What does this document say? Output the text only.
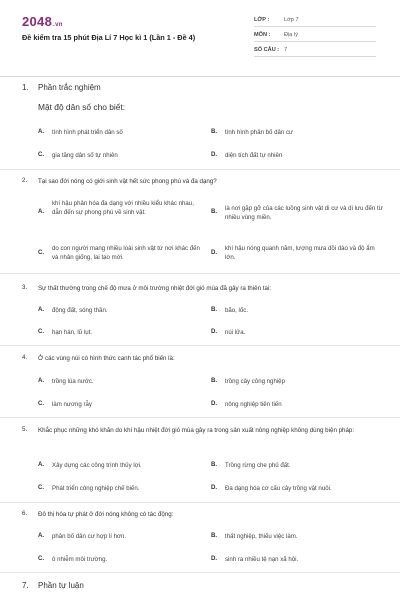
2048.vn
Đề kiểm tra 15 phút Địa Lí 7 Học kì 1 (Lần 1 - Đề 4)
LỚP :	Lớp 7
MÔN : Địa lý
SỐ CÂU : 7
1. Phần trắc nghiệm
Mật độ dân số cho biết:
A. tình hình phát triển dân số	B. tình hình phân bố dân cư
C. gia tăng dân số tự nhiên	D. diện tích đất tự nhiên
2. Tại sao đới nóng có giới sinh vật hết sức phong phú và đa dạng?
A.
khí hậu phân hóa đa dạng với nhiều kiểu khác nhau, dẫn đến sự phong phú về sinh vật.	B. là nơi gặp gỡ của các luồng sinh vật di cư và di lưu đến từ nhiều vùng miền.
C.
do con người mang nhiều loài sinh vật từ nơi khác đến và nhân giống, lai tạo mới.
D.
khí hậu nóng quanh năm, lượng mưa dồi dào và độ ẩm lớn.
3. Sự thất thường trong chế độ mưa ở môi trường nhiệt đới gió mùa đã gây ra thiên tai:
A. động đất, sóng thần.	B. bão, lốc.
C. hạn hán, lũ lụt.	D. núi lửa.
4. Ở các vùng núi có hình thức canh tác phổ biến là:
A. trồng lúa nước.	B. trồng cây công nghiệp
C. làm nương rẫy	D. nông nghiệp tiên tiến
5. Khắc phục những khó khăn do khí hậu nhiệt đới gió mùa gây ra trong sản xuất nông nghiệp không dùng biện pháp:
A. Xây dựng các công trình thủy lợi.	B. Trồng rừng che phủ đất.
C. Phát triển công nghiệp chế biến.	D. Đa dạng hóa cơ cấu cây trồng vật nuôi.
6. Đô thị hóa tự phát ở đới nóng không có tác động:
A. phân bố dân cư hợp lí hơn.	B. thất nghiệp, thiếu việc làm.
C. ô nhiễm môi trường.	D. sinh ra nhiều tệ nạn xã hội.
7. Phần tự luận
